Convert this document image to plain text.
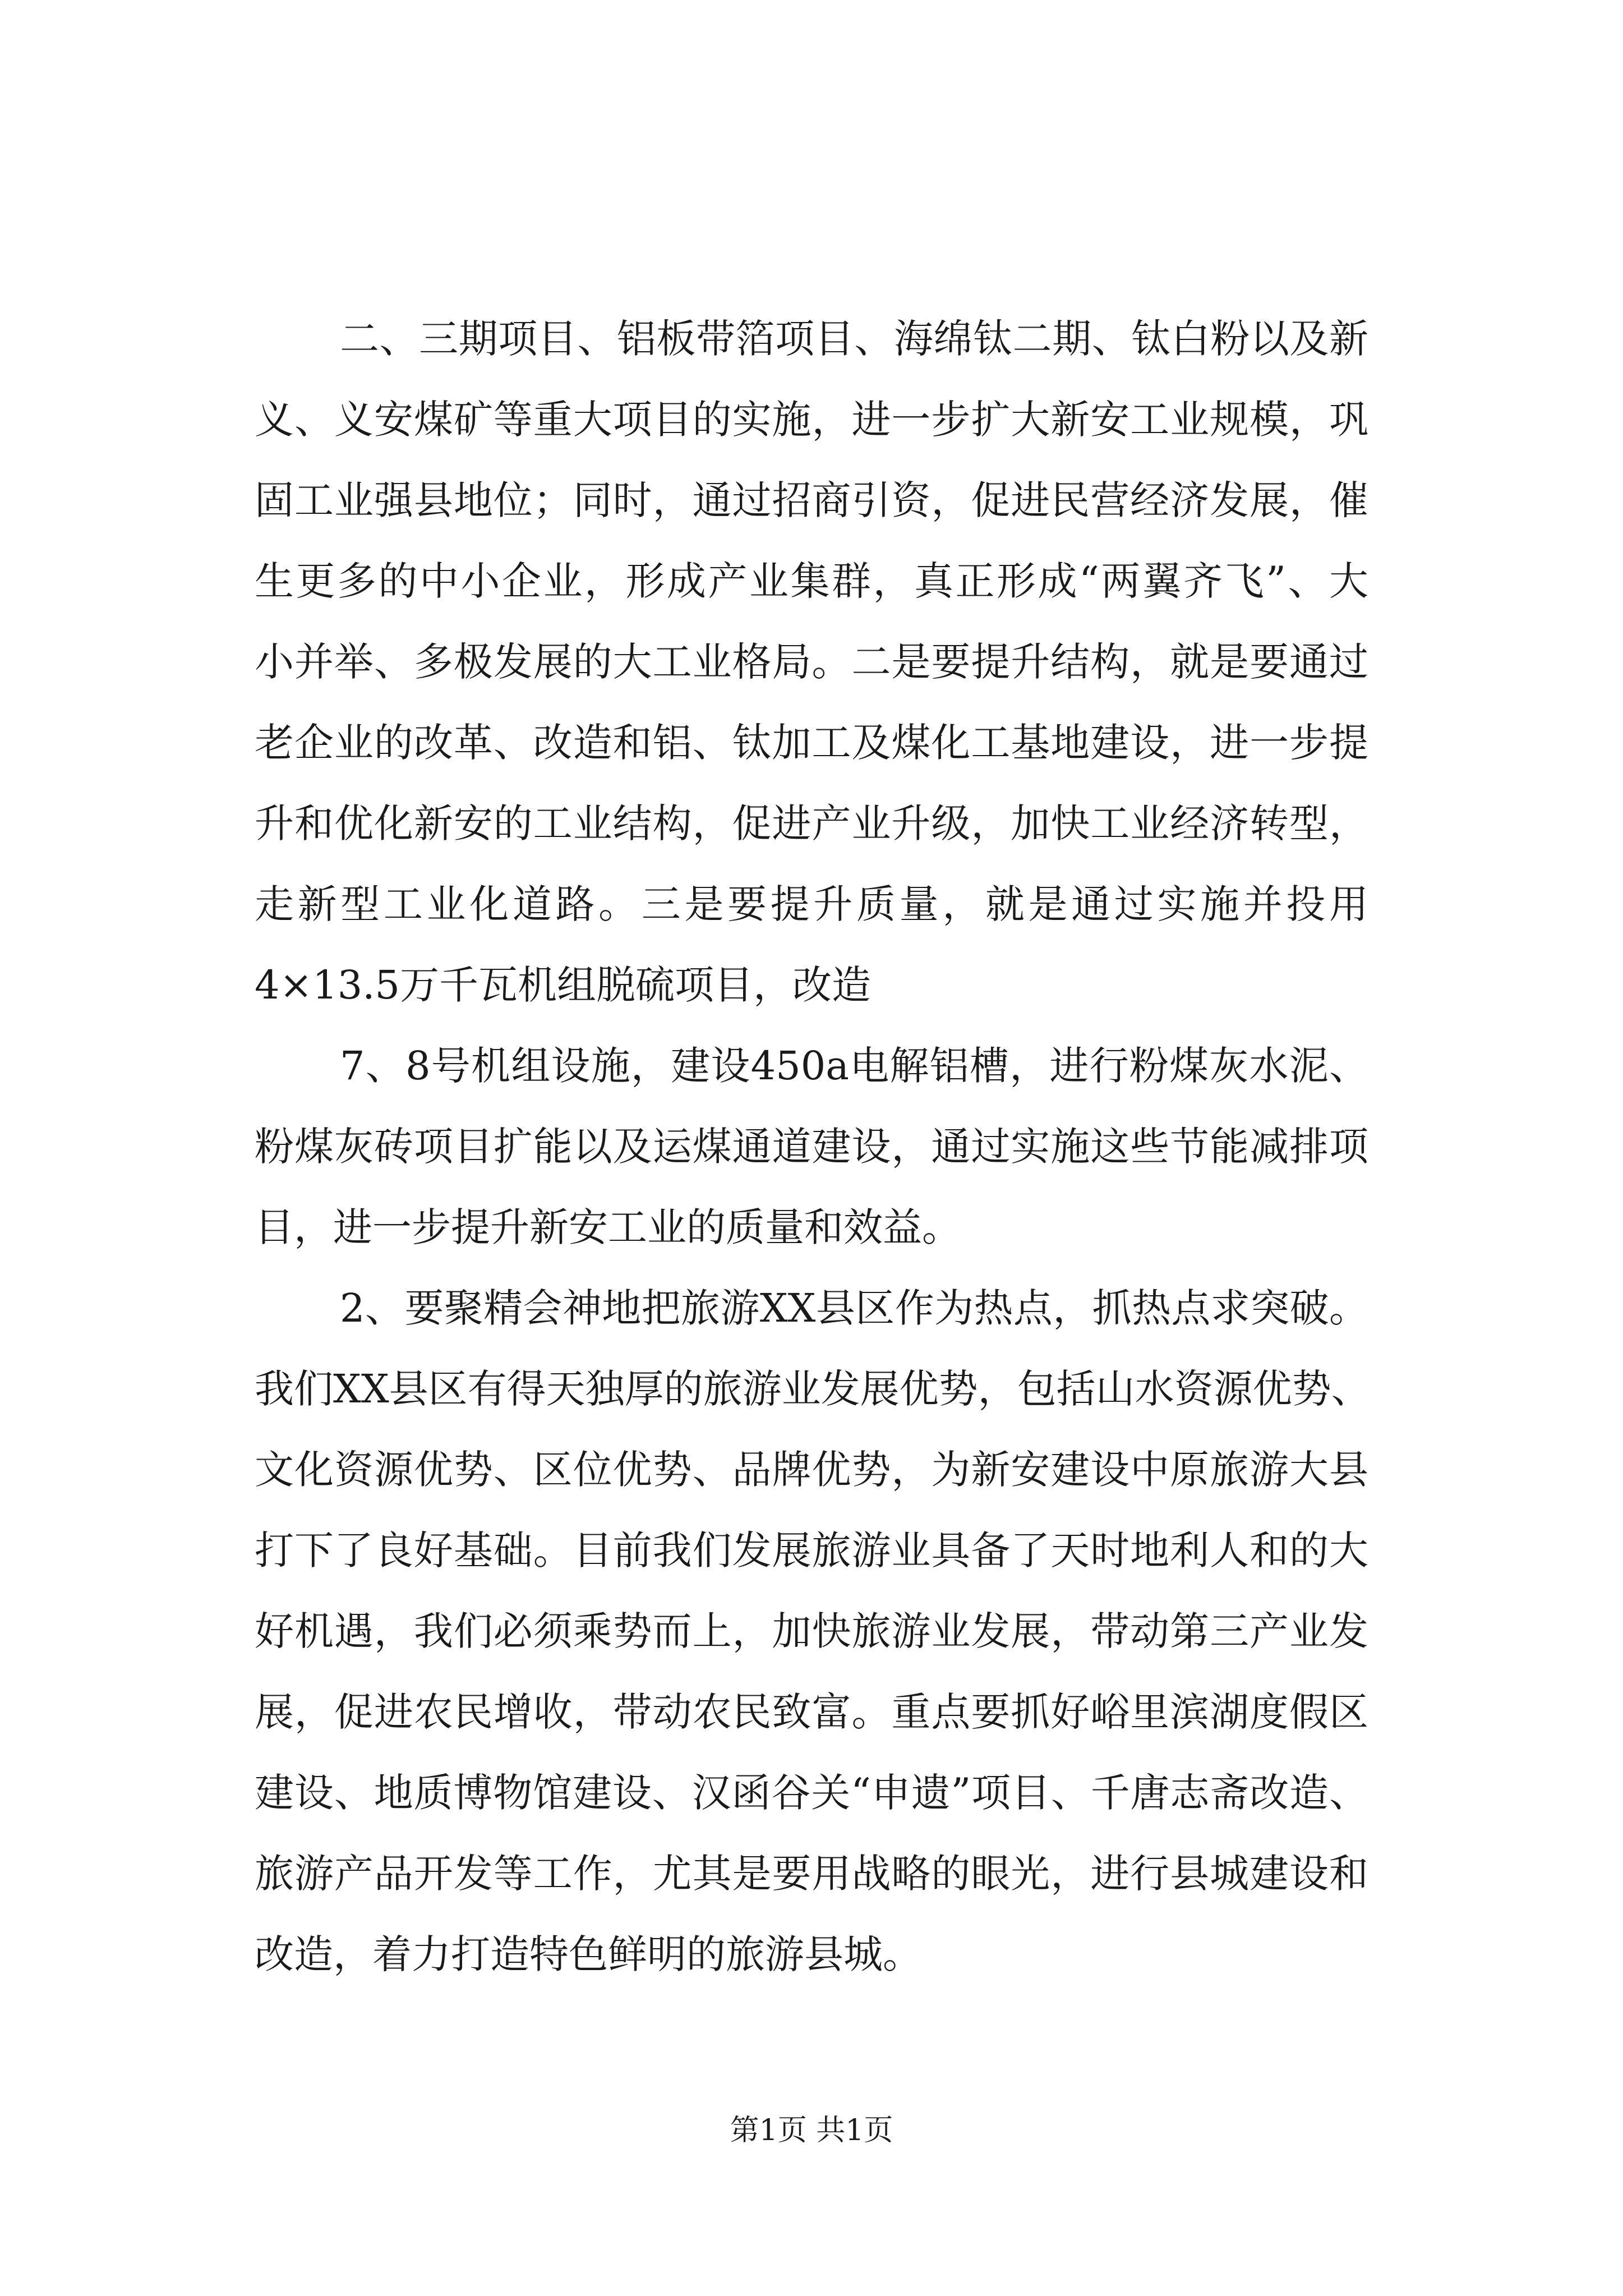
二、三期项目、铝板带箔项目、海绵钛二期、钛白粉以及新
义、义安煤矿等重大项目的实施，进一步扩大新安工业规模，巩
固工业强县地位；同时，通过招商引资，促进民营经济发展，催
生更多的中小企业，形成产业集群，真正形成“两翼齐飞”、大
小并举、多极发展的大工业格局。二是要提升结构，就是要通过
老企业的改革、改造和铝、钛加工及煤化工基地建设，进一步提
升和优化新安的工业结构，促进产业升级，加快工业经济转型，
走新型工业化道路。三是要提升质量，就是通过实施并投用
4×13.5万千瓦机组脱硫项目，改造
7、8号机组设施，建设450a电解铝槽，进行粉煤灰水泥、
粉煤灰砖项目扩能以及运煤通道建设，通过实施这些节能减排项
目，进一步提升新安工业的质量和效益。
2、要聚精会神地把旅游XX县区作为热点，抓热点求突破。
我们XX县区有得天独厚的旅游业发展优势，包括山水资源优势、
文化资源优势、区位优势、品牌优势，为新安建设中原旅游大县
打下了良好基础。目前我们发展旅游业具备了天时地利人和的大
好机遇，我们必须乘势而上，加快旅游业发展，带动第三产业发
展，促进农民增收，带动农民致富。重点要抓好峪里滨湖度假区
建设、地质博物馆建设、汉函谷关“申遗”项目、千唐志斋改造、
旅游产品开发等工作，尤其是要用战略的眼光，进行县城建设和
改造，着力打造特色鲜明的旅游县城。
第1页 共1页
